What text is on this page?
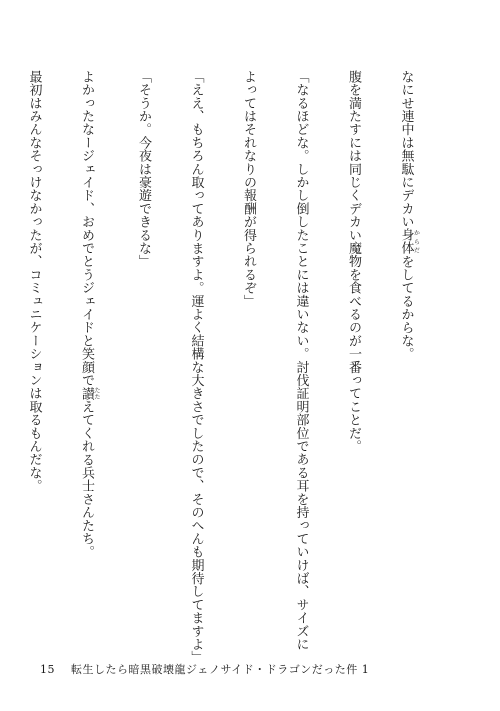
なにせ連中は無駄にデカい身体 からだをしてるからな。

腹を満たすには同じくデカい魔物を食べるのが一番ってことだ。

「なるほどな。しかし倒したことには違いない。討伐証明部位である耳を持っていけば、サイズに

よってはそれなりの報酬が得られるぞ」

「ええ、もちろん取ってありますよ。運よく結構な大きさでしたので、そのへんも期待してますよ」

「そうか。今夜は豪遊できるな」

よかったなージェイド、おめでとうジェイドと笑顔で讃 たたえてくれる兵士さんたち。

最初はみんなそっけなかったが、コミュニケーションは取るもんだな。

15 転生したら暗黒破壊龍ジェノサイド・ドラゴンだった件 1
